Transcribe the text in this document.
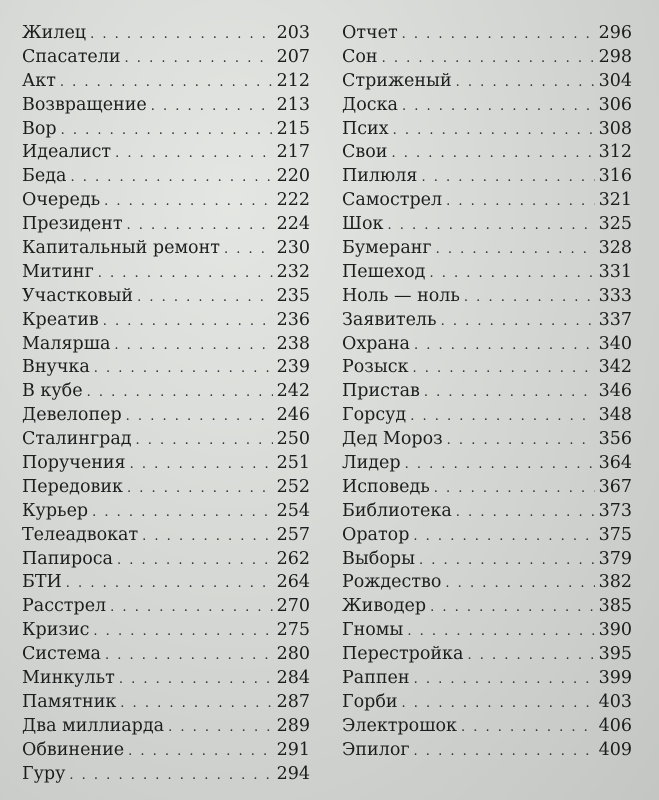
Жилец . . .	203
Спасатели . . .	207
Акт . . .	212
Возвращение . . .	213
Вор . . .	215
Идеалист . . .	217
Беда . . .	220
Очередь . . .	222
Президент . . .	224
Капитальный ремонт . . .	230
Митинг . . .	232
Участковый . . .	235
Креатив . . .	236
Малярша . . .	238
Внучка . . .	239
В кубе . . .	242
Девелопер . . .	246
Сталинград . . .	250
Поручения . . .	251
Передовик . . .	252
Курьер . . .	254
Телеадвокат . . .	257
Папироса . . .	262
БТИ . . .	264
Расстрел . . .	270
Кризис . . .	275
Система . . .	280
Минкульт . . .	284
Памятник . . .	287
Два миллиарда . . .	289
Обвинение . . .	291
Гуру . . .	294
Отчет . . .	296
Сон . . .	298
Стриженый . . .	304
Доска . . .	306
Псих . . .	308
Свои . . .	312
Пилюля . . .	316
Самострел . . .	321
Шок . . .	325
Бумеранг . . .	328
Пешеход . . .	331
Ноль — ноль . . .	333
Заявитель . . .	337
Охрана . . .	340
Розыск . . .	342
Пристав . . .	346
Горсуд . . .	348
Дед Мороз . . .	356
Лидер . . .	364
Исповедь . . .	367
Библиотека . . .	373
Оратор . . .	375
Выборы . . .	379
Рождество . . .	382
Живодер . . .	385
Гномы . . .	390
Перестройка . . .	395
Раппен . . .	399
Горби . . .	403
Электрошок . . .	406
Эпилог . . .	409
